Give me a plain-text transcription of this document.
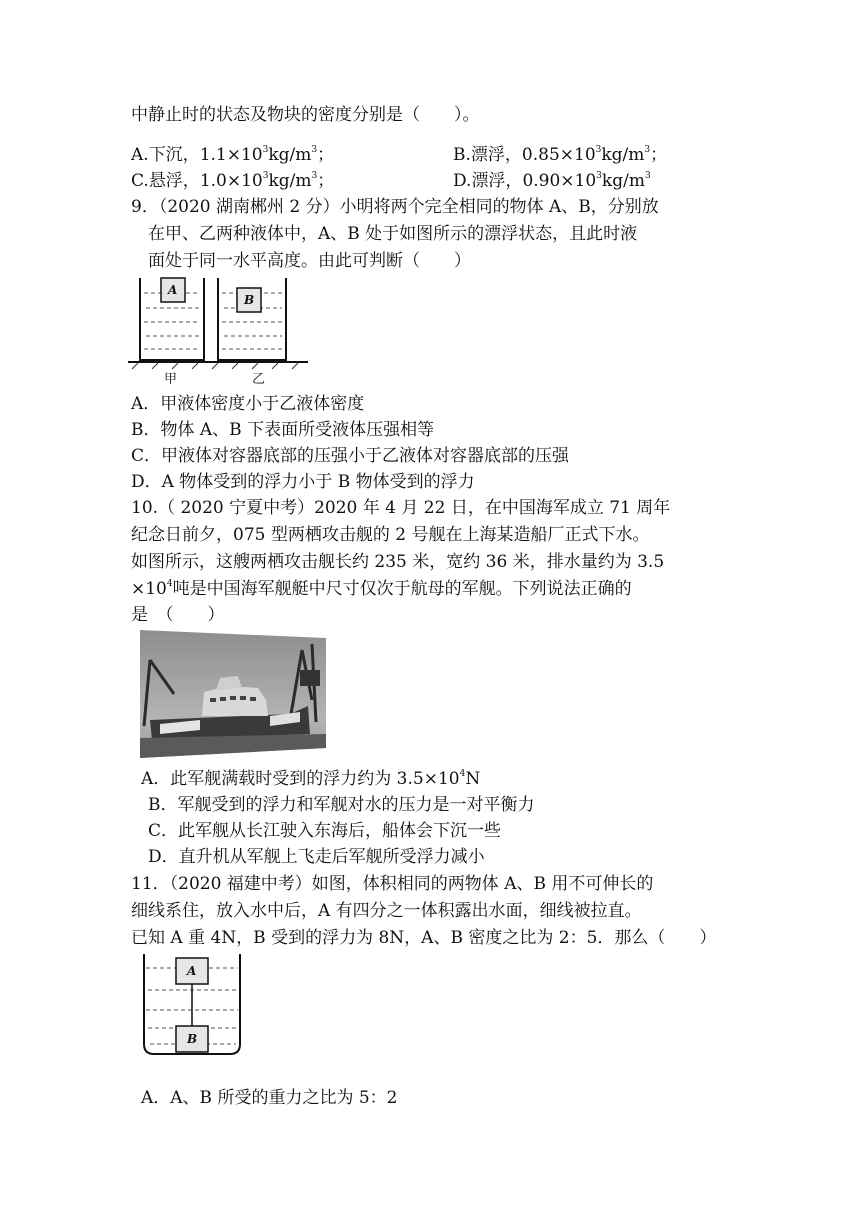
中静止时的状态及物块的密度分别是（　　）。
A.下沉，$1.1\times 10^3kg/m^3$；	B.漂浮，$0.85\times 10^3kg/m^3$；
C.悬浮，$1.0\times 10^3kg/m^3$；	D.漂浮，$0.90\times 10^3kg/m^3$
9．（2020 湖南郴州 2 分）小明将两个完全相同的物体 A、B，分别放
在甲、乙两种液体中，A、B 处于如图所示的漂浮状态，且此时液
面处于同一水平高度。由此可判断（　　）
A
B
甲	乙
A．甲液体密度小于乙液体密度
B．物体 A、B 下表面所受液体压强相等
C．甲液体对容器底部的压强小于乙液体对容器底部的压强
D．A 物体受到的浮力小于 B 物体受到的浮力
10.（ 2020 宁夏中考）2020 年 4 月 22 日，在中国海军成立 71 周年
纪念日前夕，075 型两栖攻击舰的 2 号舰在上海某造船厂正式下水。
如图所示，这艘两栖攻击舰长约 235 米，宽约 36 米，排水量约为 3.5
$\times 10^4$吨是中国海军舰艇中尺寸仅次于航母的军舰。下列说法正确的
是　（　　）
A．此军舰满载时受到的浮力约为 $3.5\times 10^4N$
B．军舰受到的浮力和军舰对水的压力是一对平衡力
C．此军舰从长江驶入东海后，船体会下沉一些
D．直升机从军舰上飞走后军舰所受浮力减小
11．（2020 福建中考）如图，体积相同的两物体 A、B 用不可伸长的
细线系住，放入水中后，A 有四分之一体积露出水面，细线被拉直。
已知 A 重 4N，B 受到的浮力为 8N，A、B 密度之比为 2：5．那么（　　）
A
B
A．A、B 所受的重力之比为 5：2
